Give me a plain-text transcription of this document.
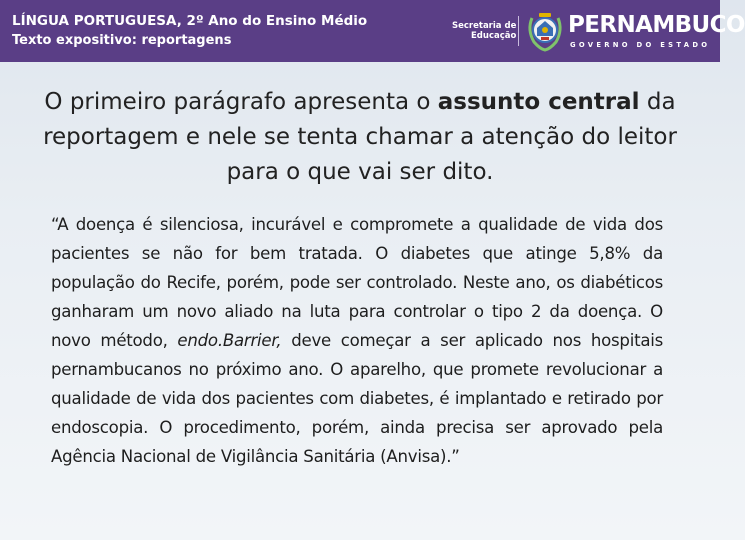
LÍNGUA PORTUGUESA, 2º Ano do Ensino Médio
Texto expositivo: reportagens
Secretaria de
Educação PERNAMBUCO
GOVERNO DO ESTADO

O primeiro parágrafo apresenta o assunto central da reportagem e nele se tenta chamar a atenção do leitor para o que vai ser dito.

“A doença é silenciosa, incurável e compromete a qualidade de vida dos pacientes se não for bem tratada. O diabetes que atinge 5,8% da população do Recife, porém, pode ser controlado. Neste ano, os diabéticos ganharam um novo aliado na luta para controlar o tipo 2 da doença. O novo método, endo.Barrier, deve começar a ser aplicado nos hospitais pernambucanos no próximo ano. O aparelho, que promete revolucionar a qualidade de vida dos pacientes com diabetes, é implantado e retirado por endoscopia. O procedimento, porém, ainda precisa ser aprovado pela Agência Nacional de Vigilância Sanitária (Anvisa).”
